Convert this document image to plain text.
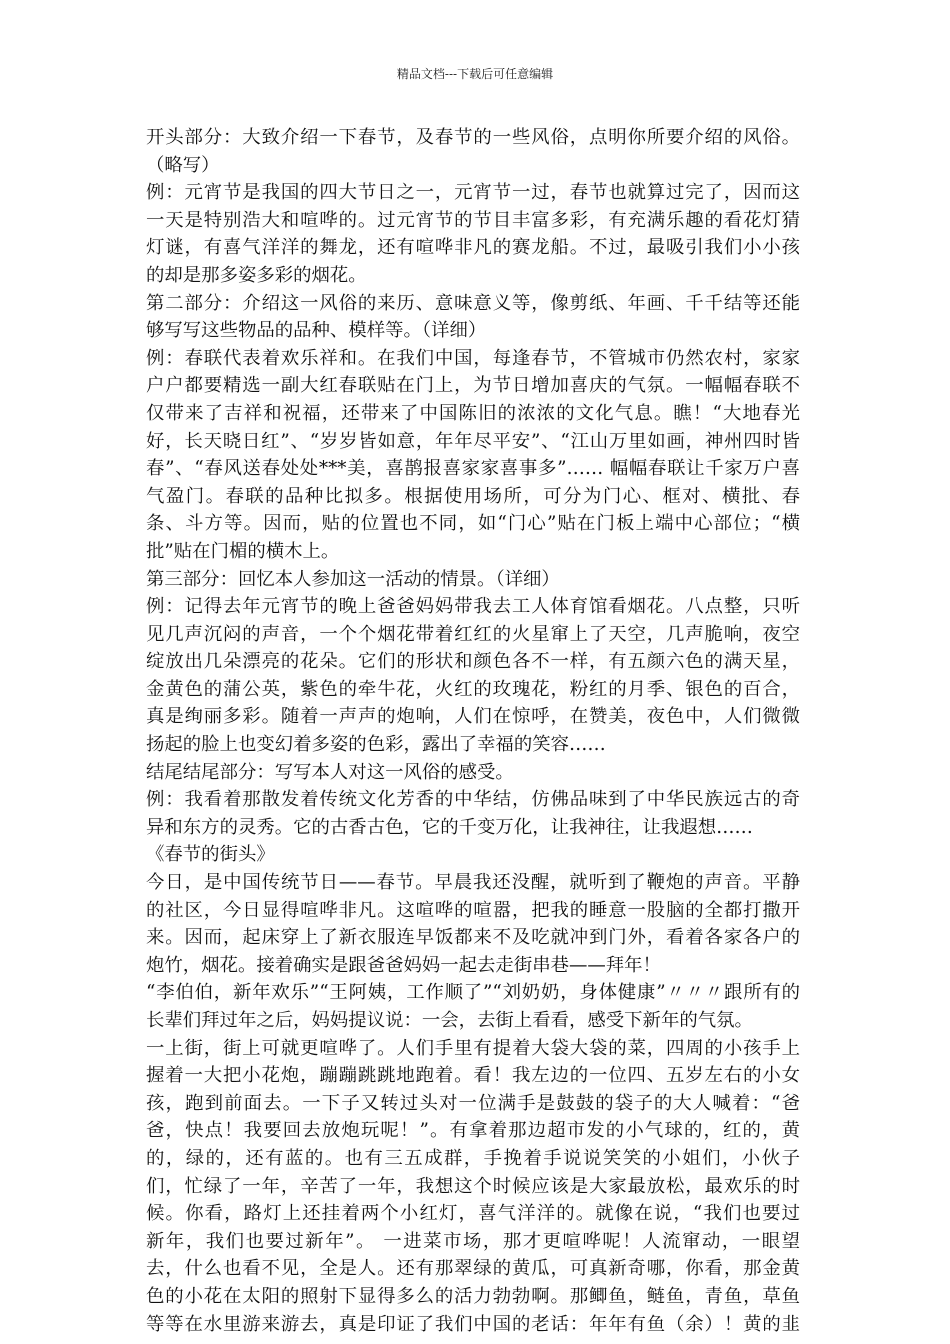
精品文档---下载后可任意编辑
开头部分：大致介绍一下春节，及春节的一些风俗，点明你所要介绍的风俗。
（略写）
例：元宵节是我国的四大节日之一，元宵节一过，春节也就算过完了，因而这
一天是特别浩大和喧哗的。过元宵节的节目丰富多彩，有充满乐趣的看花灯猜
灯谜，有喜气洋洋的舞龙，还有喧哗非凡的赛龙船。不过，最吸引我们小小孩
的却是那多姿多彩的烟花。
第二部分：介绍这一风俗的来历、意味意义等，像剪纸、年画、千千结等还能
够写写这些物品的品种、模样等。（详细）
例：春联代表着欢乐祥和。在我们中国，每逢春节，不管城市仍然农村，家家
户户都要精选一副大红春联贴在门上，为节日增加喜庆的气氛。一幅幅春联不
仅带来了吉祥和祝福，还带来了中国陈旧的浓浓的文化气息。瞧！“大地春光
好，长天晓日红”、“岁岁皆如意，年年尽平安”、“江山万里如画，神州四时皆
春”、“春风送春处处***美，喜鹊报喜家家喜事多”…… 幅幅春联让千家万户喜
气盈门。春联的品种比拟多。根据使用场所，可分为门心、框对、横批、春
条、斗方等。因而，贴的位置也不同，如“门心”贴在门板上端中心部位；“横
批”贴在门楣的横木上。
第三部分：回忆本人参加这一活动的情景。（详细）
例：记得去年元宵节的晚上爸爸妈妈带我去工人体育馆看烟花。八点整，只听
见几声沉闷的声音，一个个烟花带着红红的火星窜上了天空，几声脆响，夜空
绽放出几朵漂亮的花朵。它们的形状和颜色各不一样，有五颜六色的满天星，
金黄色的蒲公英，紫色的牵牛花，火红的玫瑰花，粉红的月季、银色的百合，
真是绚丽多彩。随着一声声的炮响，人们在惊呼，在赞美，夜色中，人们微微
扬起的脸上也变幻着多姿的色彩，露出了幸福的笑容……
结尾结尾部分：写写本人对这一风俗的感受。
例：我看着那散发着传统文化芳香的中华结，仿佛品味到了中华民族远古的奇
异和东方的灵秀。它的古香古色，它的千变万化，让我神往，让我遐想……
《春节的街头》
今日，是中国传统节日——春节。早晨我还没醒，就听到了鞭炮的声音。平静
的社区，今日显得喧哗非凡。这喧哗的喧嚣，把我的睡意一股脑的全都打撒开
来。因而，起床穿上了新衣服连早饭都来不及吃就冲到门外，看着各家各户的
炮竹，烟花。接着确实是跟爸爸妈妈一起去走街串巷——拜年！
“李伯伯，新年欢乐”“王阿姨，工作顺了”“刘奶奶，身体健康”〃〃〃跟所有的
长辈们拜过年之后，妈妈提议说：一会，去街上看看，感受下新年的气氛。
一上街，街上可就更喧哗了。人们手里有提着大袋大袋的菜，四周的小孩手上
握着一大把小花炮，蹦蹦跳跳地跑着。看！我左边的一位四、五岁左右的小女
孩，跑到前面去。一下子又转过头对一位满手是鼓鼓的袋子的大人喊着：“爸
爸，快点！我要回去放炮玩呢！”。有拿着那边超市发的小气球的，红的，黄
的，绿的，还有蓝的。也有三五成群，手挽着手说说笑笑的小姐们，小伙子
们，忙绿了一年，辛苦了一年，我想这个时候应该是大家最放松，最欢乐的时
候。你看，路灯上还挂着两个小红灯，喜气洋洋的。就像在说，“我们也要过
新年，我们也要过新年”。 一进菜市场，那才更喧哗呢！人流窜动，一眼望
去，什么也看不见，全是人。还有那翠绿的黄瓜，可真新奇哪，你看，那金黄
色的小花在太阳的照射下显得多么的活力勃勃啊。那鲫鱼，鲢鱼，青鱼，草鱼
等等在水里游来游去，真是印证了我们中国的老话：年年有鱼（余）！黄的韭
